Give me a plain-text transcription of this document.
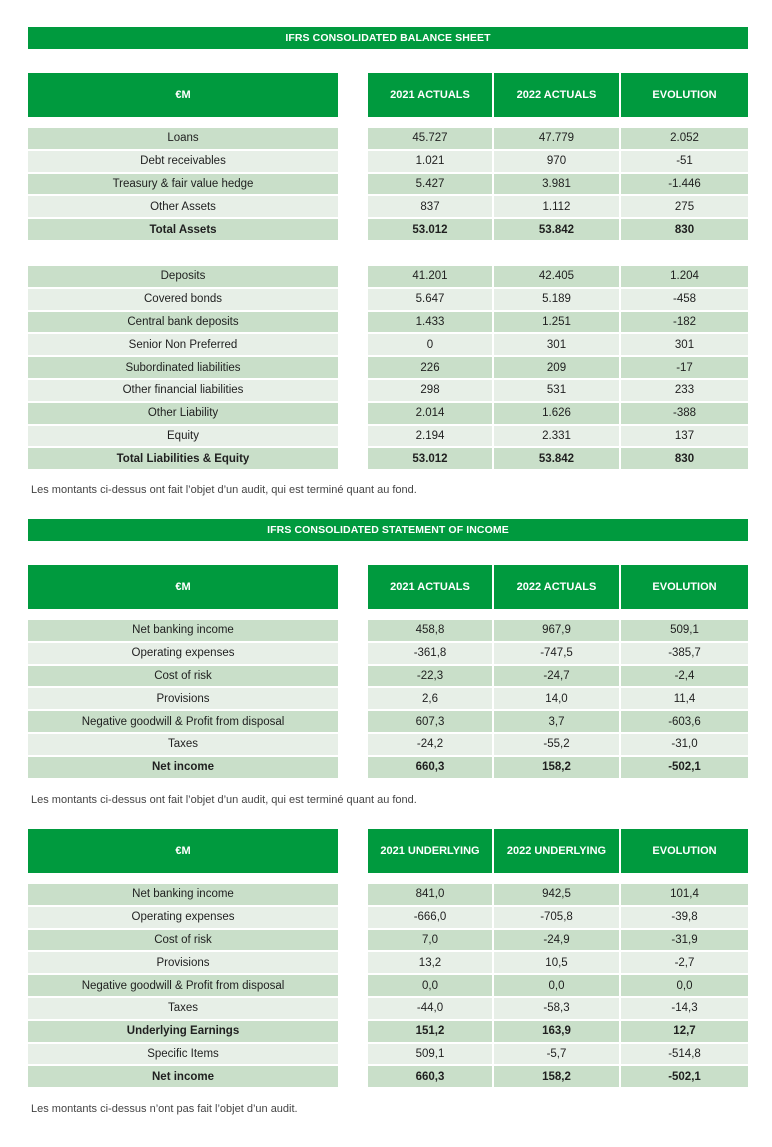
IFRS CONSOLIDATED BALANCE SHEET
€M	2021 ACTUALS	2022 ACTUALS	EVOLUTION
Loans	45.727	47.779	2.052
Debt receivables	1.021	970	-51
Treasury & fair value hedge	5.427	3.981	-1.446
Other Assets	837	1.112	275
Total Assets	53.012	53.842	830
Deposits	41.201	42.405	1.204
Covered bonds	5.647	5.189	-458
Central bank deposits	1.433	1.251	-182
Senior Non Preferred	0	301	301
Subordinated liabilities	226	209	-17
Other financial liabilities	298	531	233
Other Liability	2.014	1.626	-388
Equity	2.194	2.331	137
Total Liabilities & Equity	53.012	53.842	830
Les montants ci-dessus ont fait l’objet d’un audit, qui est terminé quant au fond.
IFRS CONSOLIDATED STATEMENT OF INCOME
€M	2021 ACTUALS	2022 ACTUALS	EVOLUTION
Net banking income	458,8	967,9	509,1
Operating expenses	-361,8	-747,5	-385,7
Cost of risk	-22,3	-24,7	-2,4
Provisions	2,6	14,0	11,4
Negative goodwill & Profit from disposal	607,3	3,7	-603,6
Taxes	-24,2	-55,2	-31,0
Net income	660,3	158,2	-502,1
Les montants ci-dessus ont fait l’objet d’un audit, qui est terminé quant au fond.
€M	2021 UNDERLYING	2022 UNDERLYING	EVOLUTION
Net banking income	841,0	942,5	101,4
Operating expenses	-666,0	-705,8	-39,8
Cost of risk	7,0	-24,9	-31,9
Provisions	13,2	10,5	-2,7
Negative goodwill & Profit from disposal	0,0	0,0	0,0
Taxes	-44,0	-58,3	-14,3
Underlying Earnings	151,2	163,9	12,7
Specific Items	509,1	-5,7	-514,8
Net income	660,3	158,2	-502,1
Les montants ci-dessus n’ont pas fait l’objet d’un audit.
